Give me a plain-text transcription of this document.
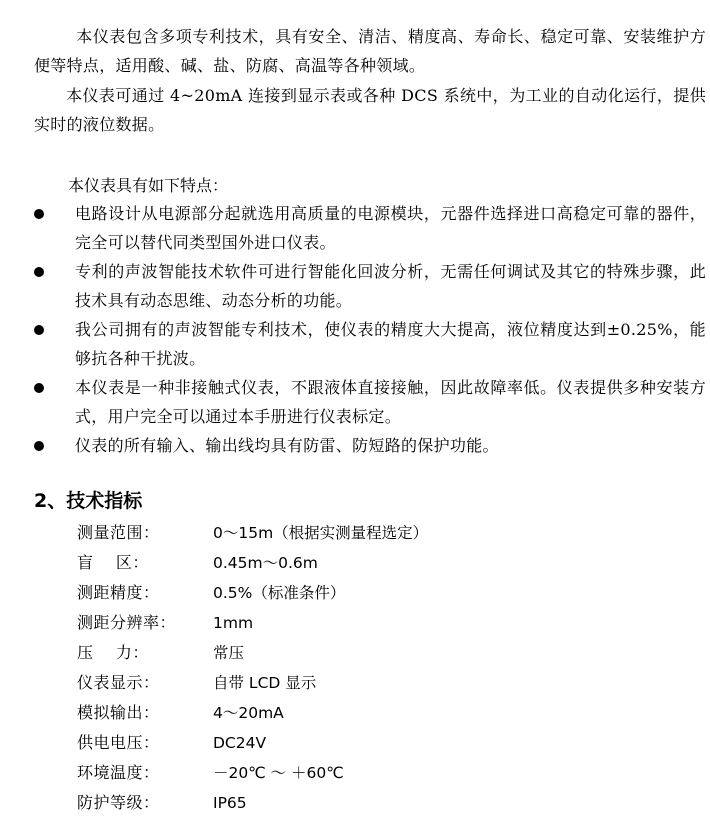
本仪表包含多项专利技术，具有安全、清洁、精度高、寿命长、稳定可靠、安装维护方便等特点，适用酸、碱、盐、防腐、高温等各种领域。

本仪表可通过 4~20mA 连接到显示表或各种 DCS 系统中，为工业的自动化运行，提供实时的液位数据。

本仪表具有如下特点：
电路设计从电源部分起就选用高质量的电源模块，元器件选择进口高稳定可靠的器件，完全可以替代同类型国外进口仪表。
专利的声波智能技术软件可进行智能化回波分析，无需任何调试及其它的特殊步骤，此技术具有动态思维、动态分析的功能。
我公司拥有的声波智能专利技术，使仪表的精度大大提高，液位精度达到±0.25%，能够抗各种干扰波。
本仪表是一种非接触式仪表，不跟液体直接接触，因此故障率低。仪表提供多种安装方式，用户完全可以通过本手册进行仪表标定。
仪表的所有输入、输出线均具有防雷、防短路的保护功能。
2、技术指标
测量范围：	0～15m（根据实测量程选定）
盲    区：	0.45m～0.6m
测距精度：	0.5%（标准条件）
测距分辨率：	1mm
压    力：	常压
仪表显示：	自带 LCD 显示
模拟输出：	4～20mA
供电电压：	DC24V
环境温度：	－20℃ ～ ＋60℃
防护等级：	IP65
